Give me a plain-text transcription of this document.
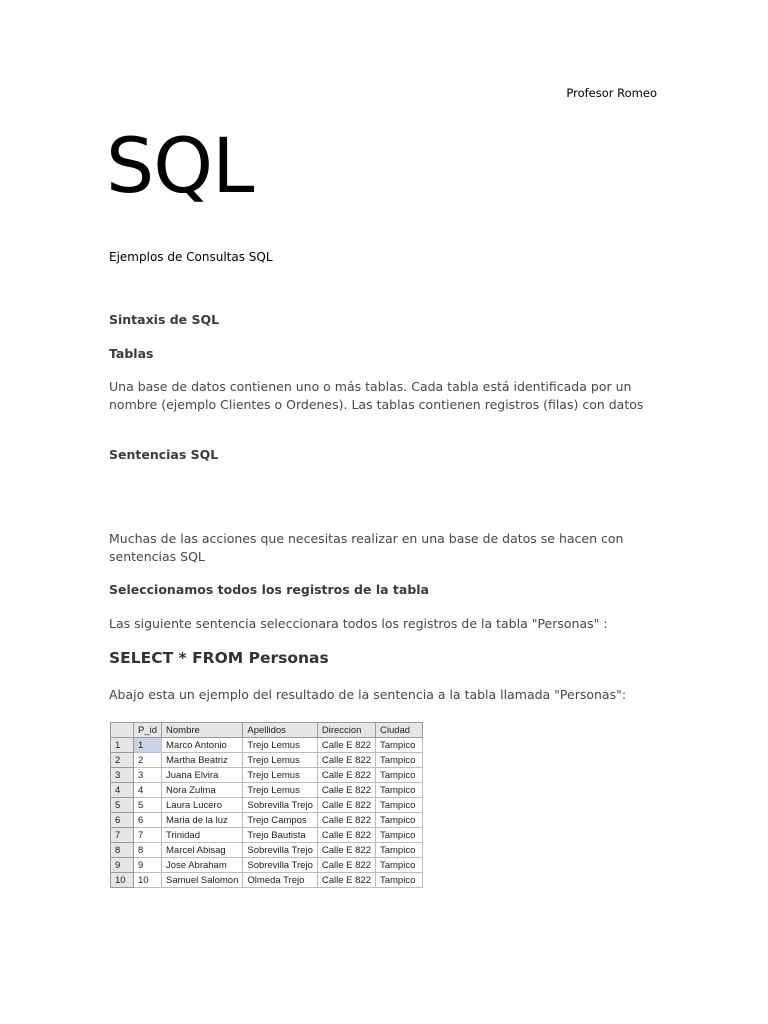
Profesor Romeo
SQL
Ejemplos de Consultas SQL
Sintaxis de SQL
Tablas
Una base de datos contienen uno o más tablas. Cada tabla está identificada por un nombre (ejemplo Clientes o Ordenes). Las tablas contienen registros (filas) con datos
Sentencias SQL
Muchas de las acciones que necesitas realizar en una base de datos se hacen con sentencias SQL
Seleccionamos todos los registros de la tabla
Las siguiente sentencia seleccionara todos los registros de la tabla "Personas" :
SELECT * FROM Personas
Abajo esta un ejemplo del resultado de la sentencia a la tabla llamada "Personas":
	P_id	Nombre	Apellidos	Direccion	Ciudad
1	1	Marco Antonio	Trejo Lemus	Calle E 822	Tampico
2	2	Martha Beatriz	Trejo Lemus	Calle E 822	Tampico
3	3	Juana Elvira	Trejo Lemus	Calle E 822	Tampico
4	4	Nora Zulma	Trejo Lemus	Calle E 822	Tampico
5	5	Laura Lucero	Sobrevilla Trejo	Calle E 822	Tampico
6	6	Maria de la luz	Trejo Campos	Calle E 822	Tampico
7	7	Trinidad	Trejo Bautista	Calle E 822	Tampico
8	8	Marcel Abisag	Sobrevilla Trejo	Calle E 822	Tampico
9	9	Jose Abraham	Sobrevilla Trejo	Calle E 822	Tampico
10	10	Samuel Salomon	Olmeda Trejo	Calle E 822	Tampico
